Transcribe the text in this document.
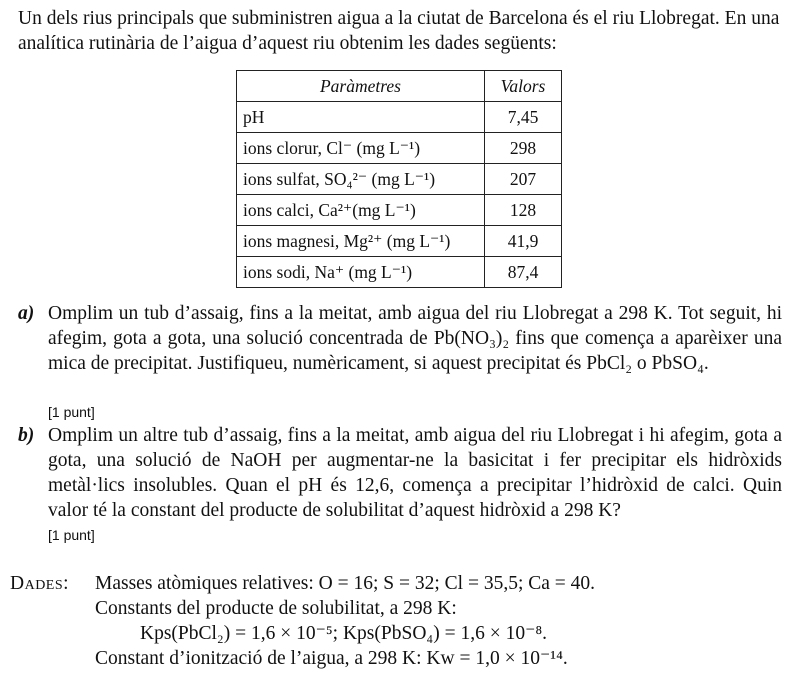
Un dels rius principals que subministren aigua a la ciutat de Barcelona és el riu Llobregat. En una analítica rutinària de l’aigua d’aquest riu obtenim les dades següents:

Paràmetres	Valors
pH	7,45
ions clorur, Cl⁻ (mg L⁻¹)	298
ions sulfat, SO₄²⁻ (mg L⁻¹)	207
ions calci, Ca²⁺(mg L⁻¹)	128
ions magnesi, Mg²⁺ (mg L⁻¹)	41,9
ions sodi, Na⁺ (mg L⁻¹)	87,4
a) Omplim un tub d’assaig, fins a la meitat, amb aigua del riu Llobregat a 298 K. Tot seguit, hi afegim, gota a gota, una solució concentrada de Pb(NO₃)₂ fins que comença a aparèixer una mica de precipitat. Justifiqueu, numèricament, si aquest precipitat és PbCl₂ o PbSO₄.
[1 punt]
b) Omplim un altre tub d’assaig, fins a la meitat, amb aigua del riu Llobregat i hi afegim, gota a gota, una solució de NaOH per augmentar-ne la basicitat i fer precipitar els hidròxids metàl·lics insolubles. Quan el pH és 12,6, comença a precipitar l’hidròxid de calci. Quin valor té la constant del producte de solubilitat d’aquest hidròxid a 298 K?
[1 punt]
Dades: Masses atòmiques relatives: O = 16; S = 32; Cl = 35,5; Ca = 40.
Constants del producte de solubilitat, a 298 K:
Kps(PbCl₂) = 1,6 × 10⁻⁵; Kps(PbSO₄) = 1,6 × 10⁻⁸.
Constant d’ionització de l’aigua, a 298 K: Kw = 1,0 × 10⁻¹⁴.
